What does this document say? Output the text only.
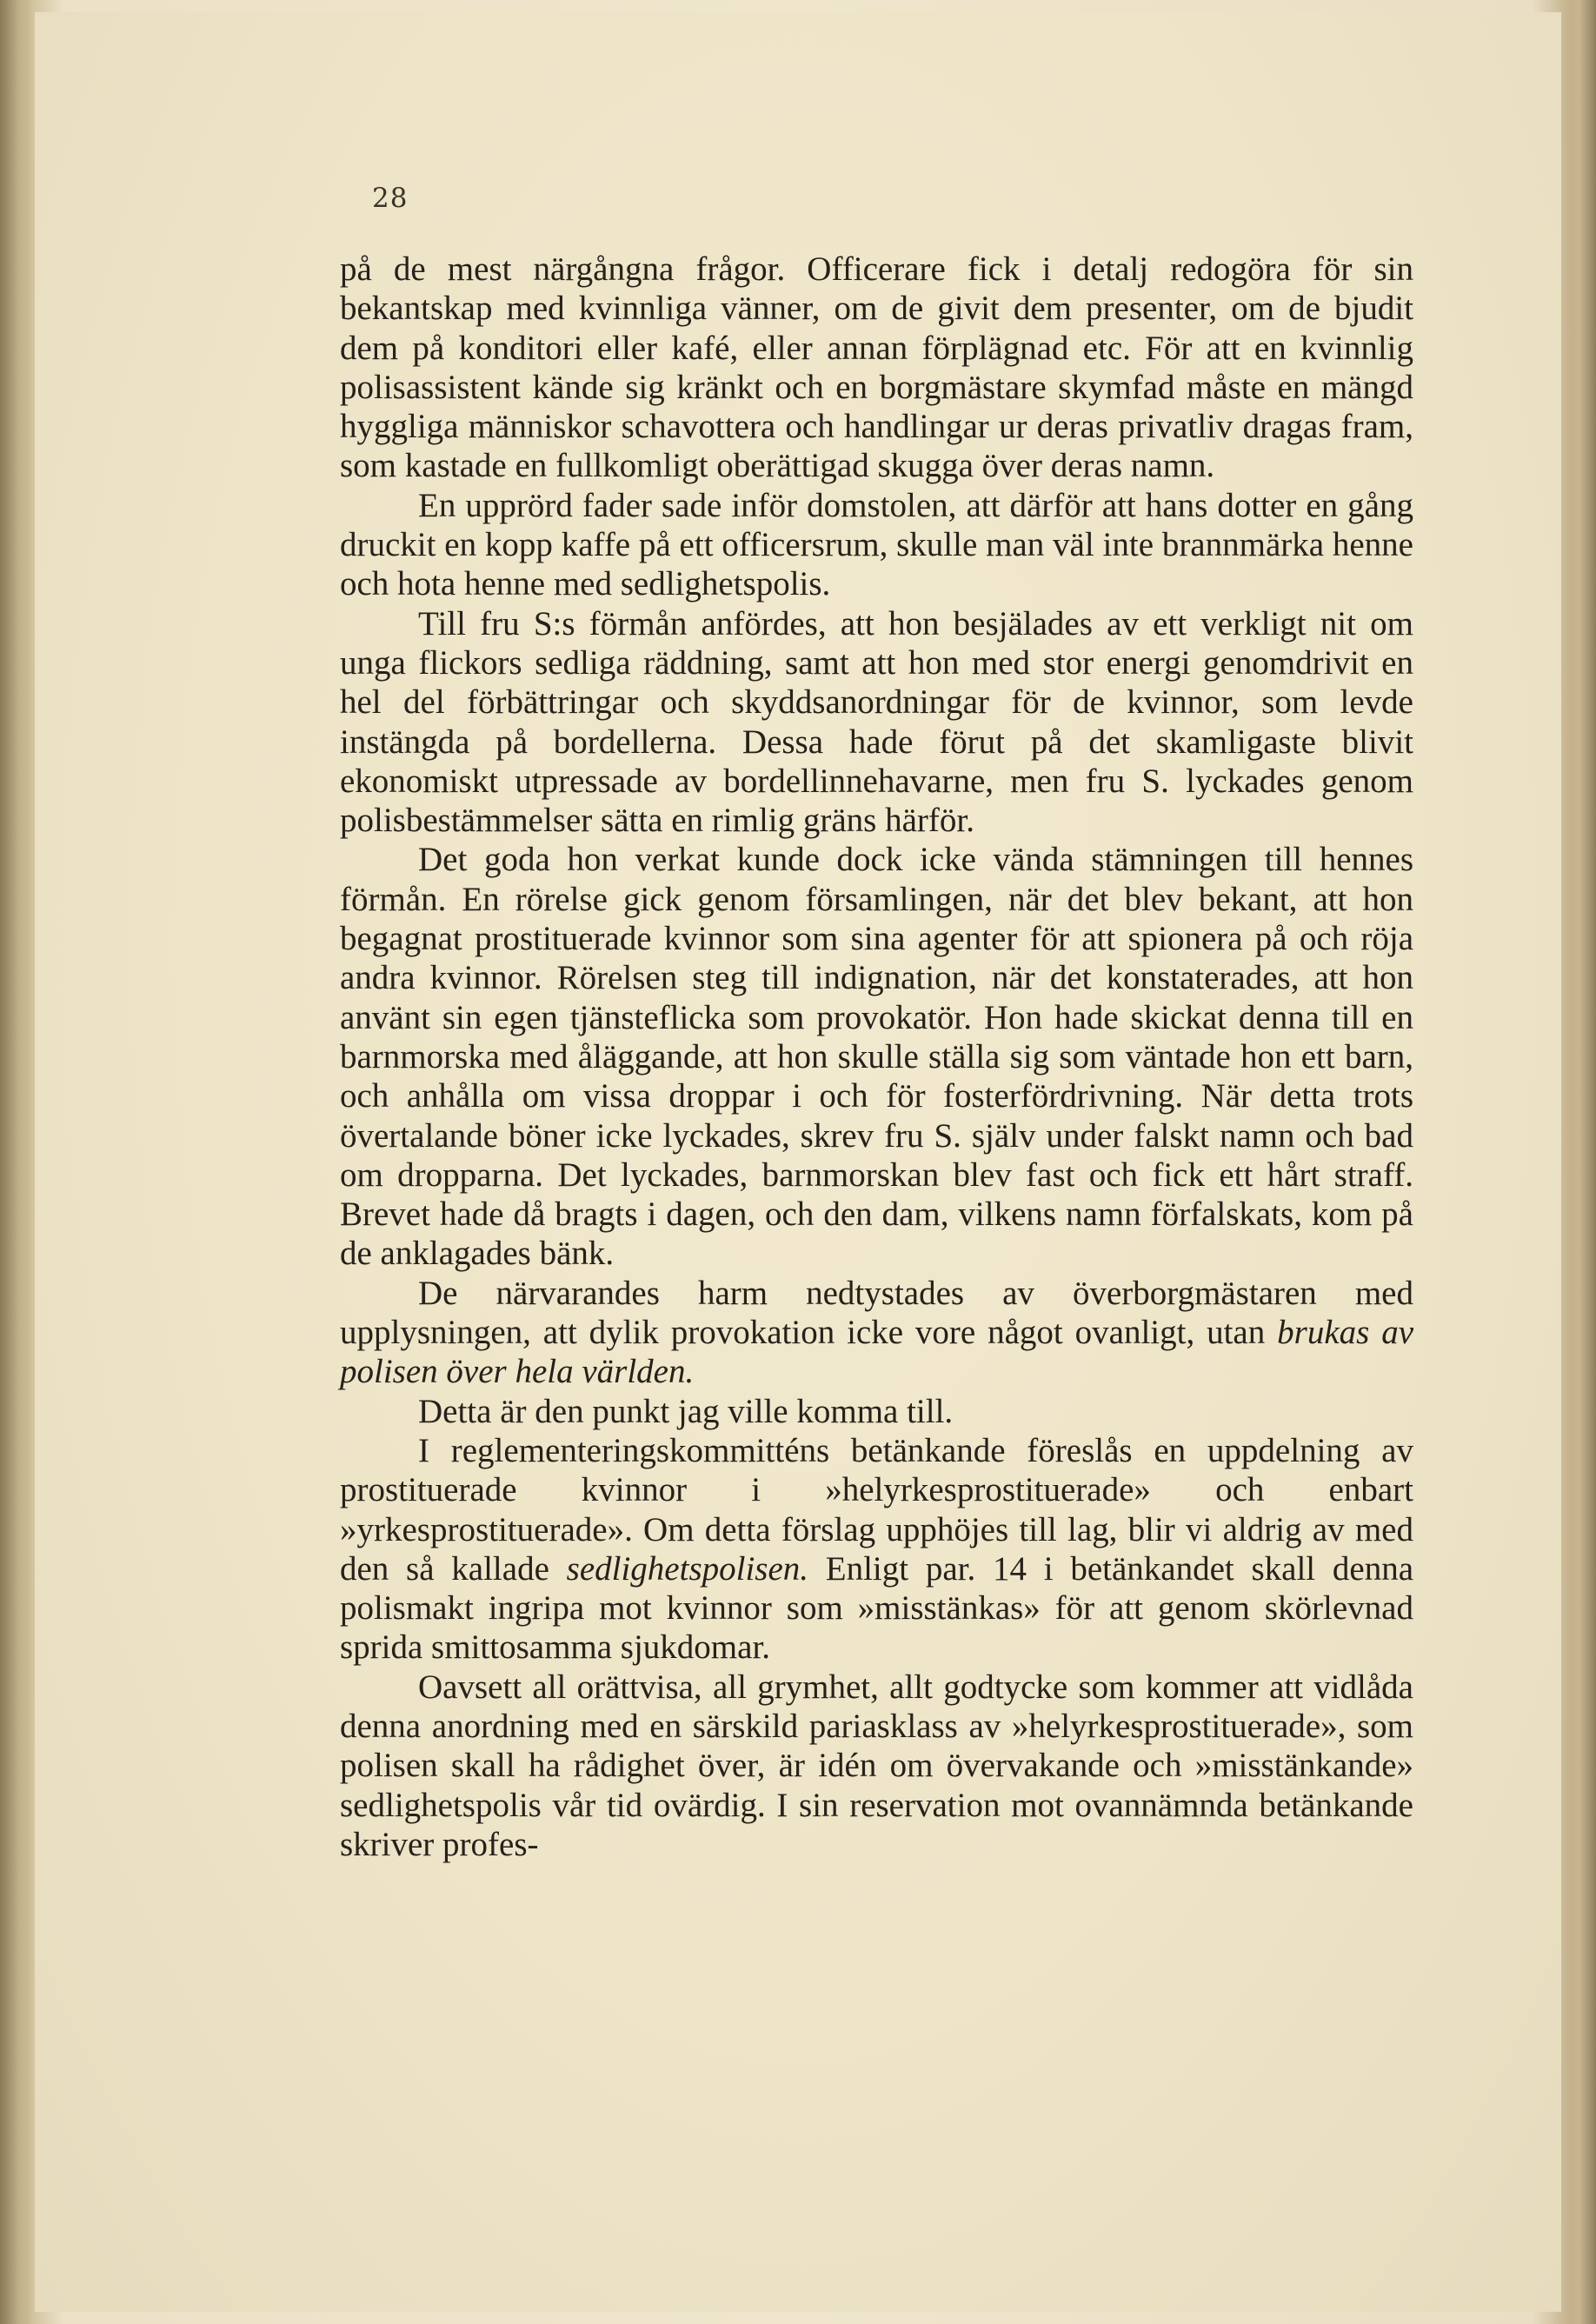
28

på de mest närgångna frågor. Officerare fick i detalj redogöra för sin bekantskap med kvinnliga vänner, om de givit dem presenter, om de bjudit dem på konditori eller kafé, eller annan förplägnad etc. För att en kvinnlig polisassistent kände sig kränkt och en borgmästare skymfad måste en mängd hyggliga människor schavottera och handlingar ur deras privatliv dragas fram, som kastade en fullkomligt oberättigad skugga över deras namn.

En upprörd fader sade inför domstolen, att därför att hans dotter en gång druckit en kopp kaffe på ett officersrum, skulle man väl inte brannmärka henne och hota henne med sedlighetspolis.

Till fru S:s förmån anfördes, att hon besjälades av ett verkligt nit om unga flickors sedliga räddning, samt att hon med stor energi genomdrivit en hel del förbättringar och skyddsanordningar för de kvinnor, som levde instängda på bordellerna. Dessa hade förut på det skamligaste blivit ekonomiskt utpressade av bordellinnehavarne, men fru S. lyckades genom polisbestämmelser sätta en rimlig gräns härför.

Det goda hon verkat kunde dock icke vända stämningen till hennes förmån. En rörelse gick genom församlingen, när det blev bekant, att hon begagnat prostituerade kvinnor som sina agenter för att spionera på och röja andra kvinnor. Rörelsen steg till indignation, när det konstaterades, att hon använt sin egen tjänsteflicka som provokatör. Hon hade skickat denna till en barnmorska med åläggande, att hon skulle ställa sig som väntade hon ett barn, och anhålla om vissa droppar i och för fosterfördrivning. När detta trots övertalande böner icke lyckades, skrev fru S. själv under falskt namn och bad om dropparna. Det lyckades, barnmorskan blev fast och fick ett hårt straff. Brevet hade då bragts i dagen, och den dam, vilkens namn förfalskats, kom på de anklagades bänk.

De närvarandes harm nedtystades av överborgmästaren med upplysningen, att dylik provokation icke vore något ovanligt, utan brukas av polisen över hela världen.

Detta är den punkt jag ville komma till.

I reglementeringskommitténs betänkande föreslås en uppdelning av prostituerade kvinnor i »helyrkesprostituerade» och enbart »yrkesprostituerade». Om detta förslag upphöjes till lag, blir vi aldrig av med den så kallade sedlighetspolisen. Enligt par. 14 i betänkandet skall denna polismakt ingripa mot kvinnor som »misstänkas» för att genom skörlevnad sprida smittosamma sjukdomar.

Oavsett all orättvisa, all grymhet, allt godtycke som kommer att vidlåda denna anordning med en särskild pariasklass av »helyrkesprostituerade», som polisen skall ha rådighet över, är idén om övervakande och »misstänkande» sedlighetspolis vår tid ovärdig. I sin reservation mot ovannämnda betänkande skriver profes-
